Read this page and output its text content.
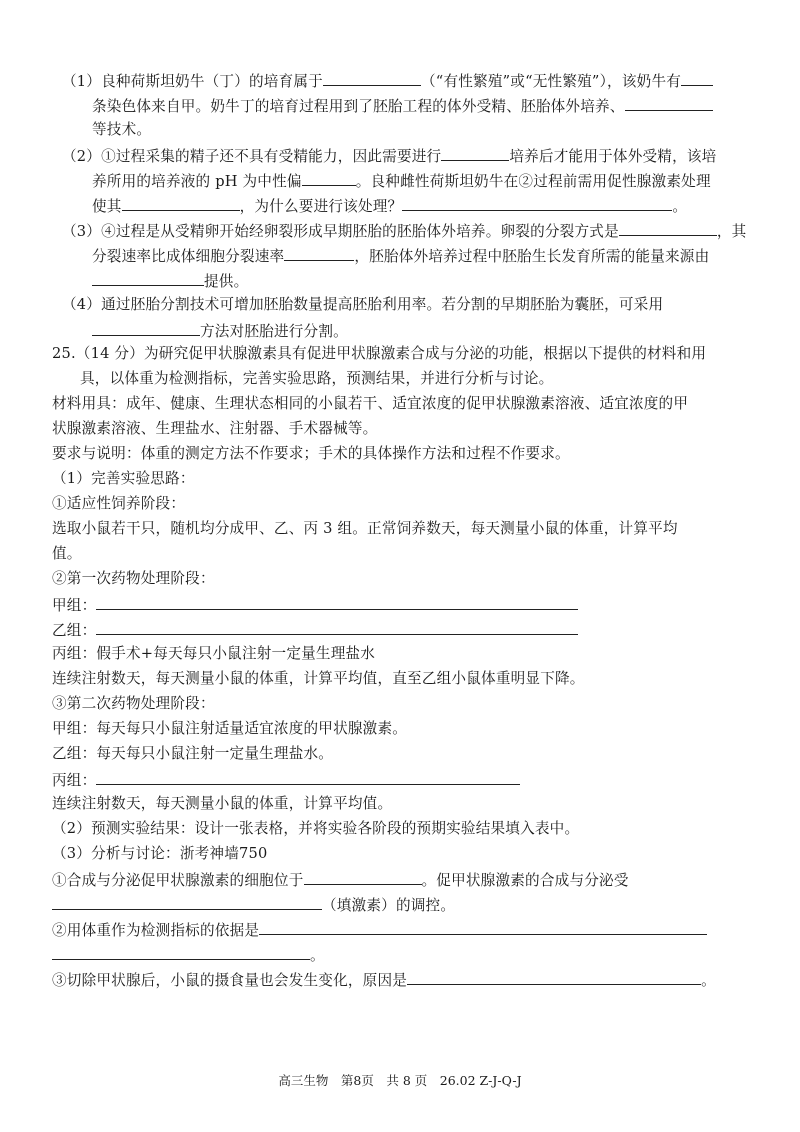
（1）良种荷斯坦奶牛（丁）的培育属于	（“有性繁殖”或“无性繁殖”），该奶牛有
条染色体来自甲。奶牛丁的培育过程用到了胚胎工程的体外受精、胚胎体外培养、
等技术。
（2）①过程采集的精子还不具有受精能力，因此需要进行	培养后才能用于体外受精，该培
养所用的培养液的 pH 为中性偏	。良种雌性荷斯坦奶牛在②过程前需用促性腺激素处理
使其	，为什么要进行该处理？	。
（3）④过程是从受精卵开始经卵裂形成早期胚胎的胚胎体外培养。卵裂的分裂方式是	，其
分裂速率比成体细胞分裂速率	，胚胎体外培养过程中胚胎生长发育所需的能量来源由
提供。
（4）通过胚胎分割技术可增加胚胎数量提高胚胎利用率。若分割的早期胚胎为囊胚，可采用
方法对胚胎进行分割。
25.（14 分）为研究促甲状腺激素具有促进甲状腺激素合成与分泌的功能，根据以下提供的材料和用
具，以体重为检测指标，完善实验思路，预测结果，并进行分析与讨论。
材料用具：成年、健康、生理状态相同的小鼠若干、适宜浓度的促甲状腺激素溶液、适宜浓度的甲
状腺激素溶液、生理盐水、注射器、手术器械等。
要求与说明：体重的测定方法不作要求；手术的具体操作方法和过程不作要求。
（1）完善实验思路：
①适应性饲养阶段：
选取小鼠若干只，随机均分成甲、乙、丙 3 组。正常饲养数天，每天测量小鼠的体重，计算平均
值。
②第一次药物处理阶段：
甲组：
乙组：
丙组：假手术+每天每只小鼠注射一定量生理盐水
连续注射数天，每天测量小鼠的体重，计算平均值，直至乙组小鼠体重明显下降。
③第二次药物处理阶段：
甲组：每天每只小鼠注射适量适宜浓度的甲状腺激素。
乙组：每天每只小鼠注射一定量生理盐水。
丙组：
连续注射数天，每天测量小鼠的体重，计算平均值。
（2）预测实验结果：设计一张表格，并将实验各阶段的预期实验结果填入表中。
（3）分析与讨论：浙考神墙750
①合成与分泌促甲状腺激素的细胞位于	。促甲状腺激素的合成与分泌受
（填激素）的调控。
②用体重作为检测指标的依据是
。
③切除甲状腺后，小鼠的摄食量也会发生变化，原因是	。
高三生物　第8页　共 8 页　26.02 Z-J-Q-J
